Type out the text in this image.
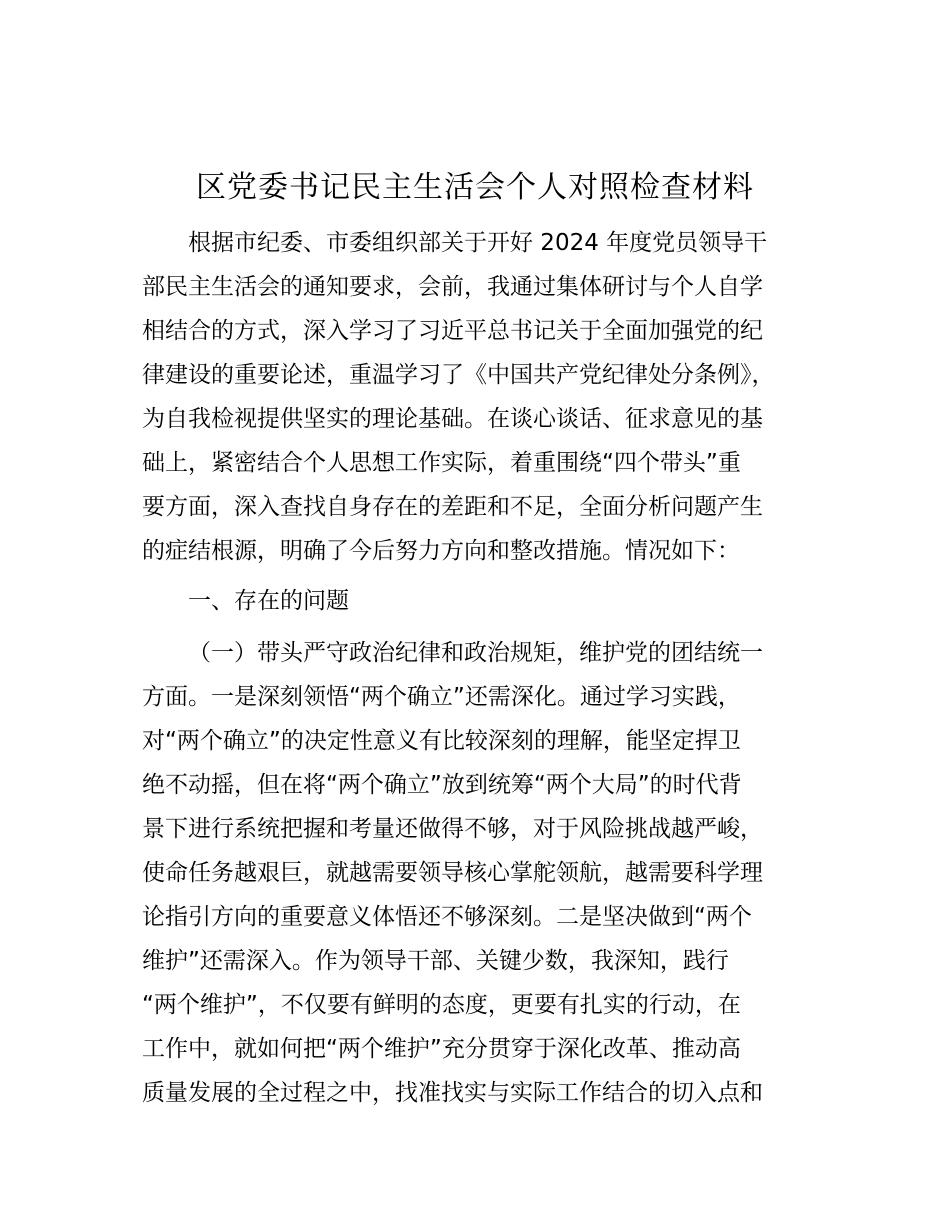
区党委书记民主生活会个人对照检查材料

根据市纪委、市委组织部关于开好 2024 年度党员领导干

部民主生活会的通知要求，会前，我通过集体研讨与个人自学

相结合的方式，深入学习了习近平总书记关于全面加强党的纪

律建设的重要论述，重温学习了《中国共产党纪律处分条例》，

为自我检视提供坚实的理论基础。在谈心谈话、征求意见的基

础上，紧密结合个人思想工作实际，着重围绕“四个带头”重

要方面，深入查找自身存在的差距和不足，全面分析问题产生

的症结根源，明确了今后努力方向和整改措施。情况如下：

一、存在的问题

（一）带头严守政治纪律和政治规矩，维护党的团结统一

方面。一是深刻领悟“两个确立”还需深化。通过学习实践，

对“两个确立”的决定性意义有比较深刻的理解，能坚定捍卫

绝不动摇，但在将“两个确立”放到统筹“两个大局”的时代背

景下进行系统把握和考量还做得不够，对于风险挑战越严峻，

使命任务越艰巨，就越需要领导核心掌舵领航，越需要科学理

论指引方向的重要意义体悟还不够深刻。二是坚决做到“两个

维护”还需深入。作为领导干部、关键少数，我深知，践行

“两个维护”，不仅要有鲜明的态度，更要有扎实的行动，在

工作中，就如何把“两个维护”充分贯穿于深化改革、推动高

质量发展的全过程之中，找准找实与实际工作结合的切入点和
